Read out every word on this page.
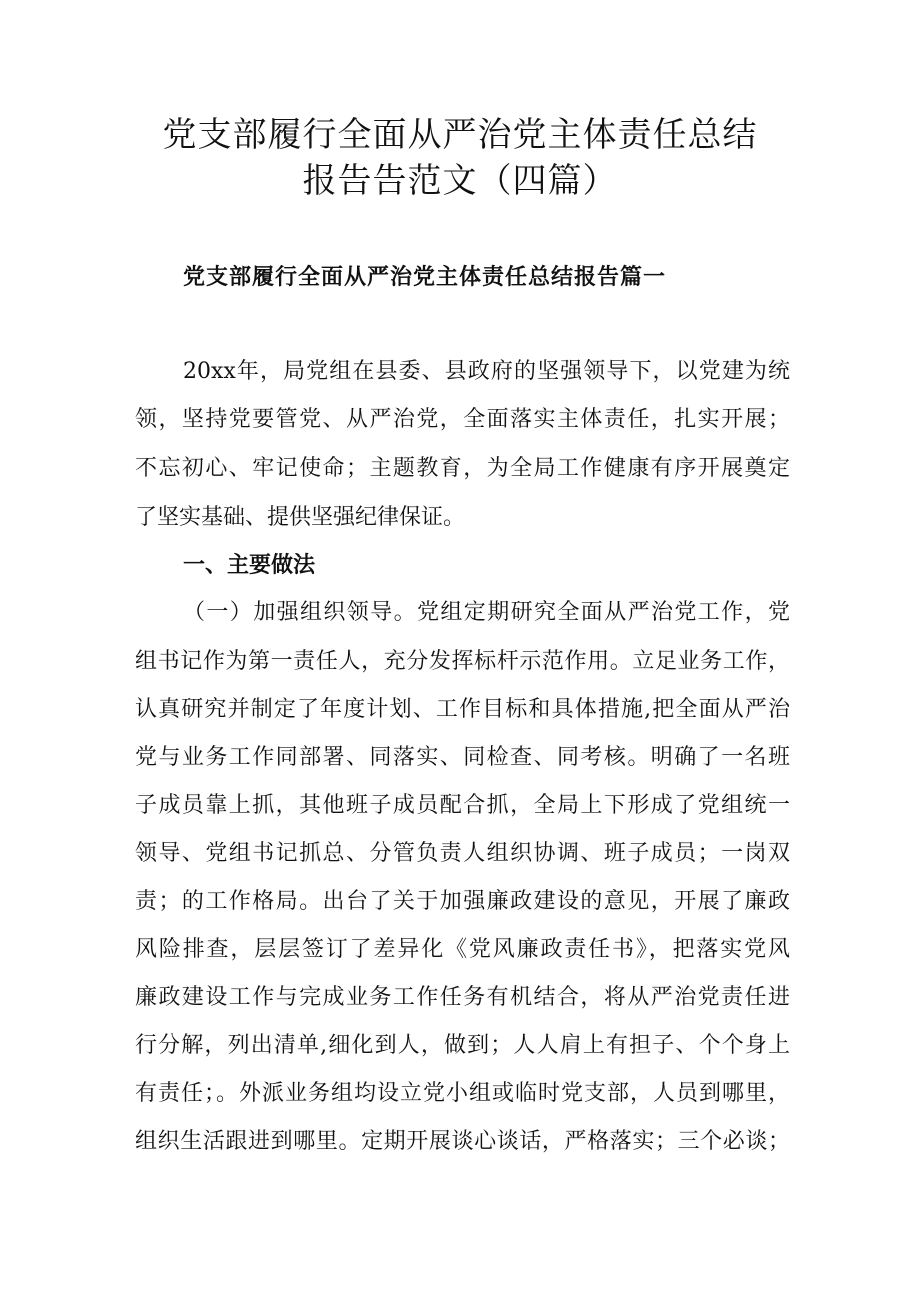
党支部履行全面从严治党主体责任总结
报告告范文（四篇）
党支部履行全面从严治党主体责任总结报告篇一

20xx年，局党组在县委、县政府的坚强领导下，以党建为统

领，坚持党要管党、从严治党，全面落实主体责任，扎实开展；

不忘初心、牢记使命；主题教育，为全局工作健康有序开展奠定

了坚实基础、提供坚强纪律保证。

一、主要做法

（一）加强组织领导。党组定期研究全面从严治党工作，党

组书记作为第一责任人，充分发挥标杆示范作用。立足业务工作，

认真研究并制定了年度计划、工作目标和具体措施,把全面从严治

党与业务工作同部署、同落实、同检查、同考核。明确了一名班

子成员靠上抓，其他班子成员配合抓，全局上下形成了党组统一

领导、党组书记抓总、分管负责人组织协调、班子成员；一岗双

责；的工作格局。出台了关于加强廉政建设的意见，开展了廉政

风险排查，层层签订了差异化《党风廉政责任书》，把落实党风

廉政建设工作与完成业务工作任务有机结合，将从严治党责任进

行分解，列出清单,细化到人，做到；人人肩上有担子、个个身上

有责任；。外派业务组均设立党小组或临时党支部，人员到哪里，

组织生活跟进到哪里。定期开展谈心谈话，严格落实；三个必谈；
